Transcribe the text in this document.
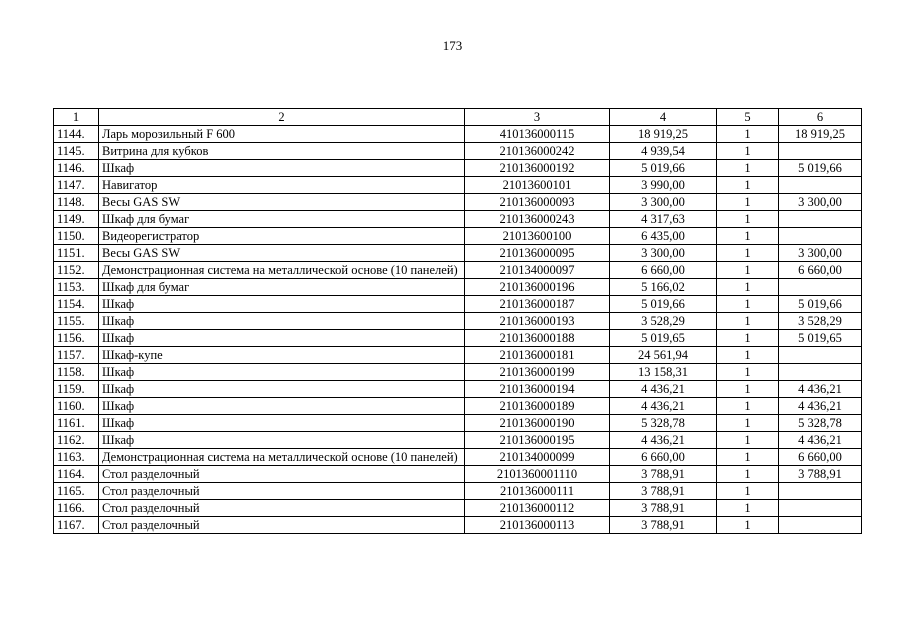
173
1	2	3	4	5	6
1144.	Ларь морозильный F 600	410136000115	18 919,25	1	18 919,25
1145.	Витрина для кубков	210136000242	4 939,54	1	
1146.	Шкаф	210136000192	5 019,66	1	5 019,66
1147.	Навигатор	21013600101	3 990,00	1	
1148.	Весы GAS SW	210136000093	3 300,00	1	3 300,00
1149.	Шкаф для бумаг	210136000243	4 317,63	1	
1150.	Видеорегистратор	21013600100	6 435,00	1	
1151.	Весы GAS SW	210136000095	3 300,00	1	3 300,00
1152.	Демонстрационная система на металлической основе (10 панелей)	210134000097	6 660,00	1	6 660,00
1153.	Шкаф для бумаг	210136000196	5 166,02	1	
1154.	Шкаф	210136000187	5 019,66	1	5 019,66
1155.	Шкаф	210136000193	3 528,29	1	3 528,29
1156.	Шкаф	210136000188	5 019,65	1	5 019,65
1157.	Шкаф-купе	210136000181	24 561,94	1	
1158.	Шкаф	210136000199	13 158,31	1	
1159.	Шкаф	210136000194	4 436,21	1	4 436,21
1160.	Шкаф	210136000189	4 436,21	1	4 436,21
1161.	Шкаф	210136000190	5 328,78	1	5 328,78
1162.	Шкаф	210136000195	4 436,21	1	4 436,21
1163.	Демонстрационная система на металлической основе (10 панелей)	210134000099	6 660,00	1	6 660,00
1164.	Стол разделочный	2101360001110	3 788,91	1	3 788,91
1165.	Стол разделочный	210136000111	3 788,91	1	
1166.	Стол разделочный	210136000112	3 788,91	1	
1167.	Стол разделочный	210136000113	3 788,91	1	
